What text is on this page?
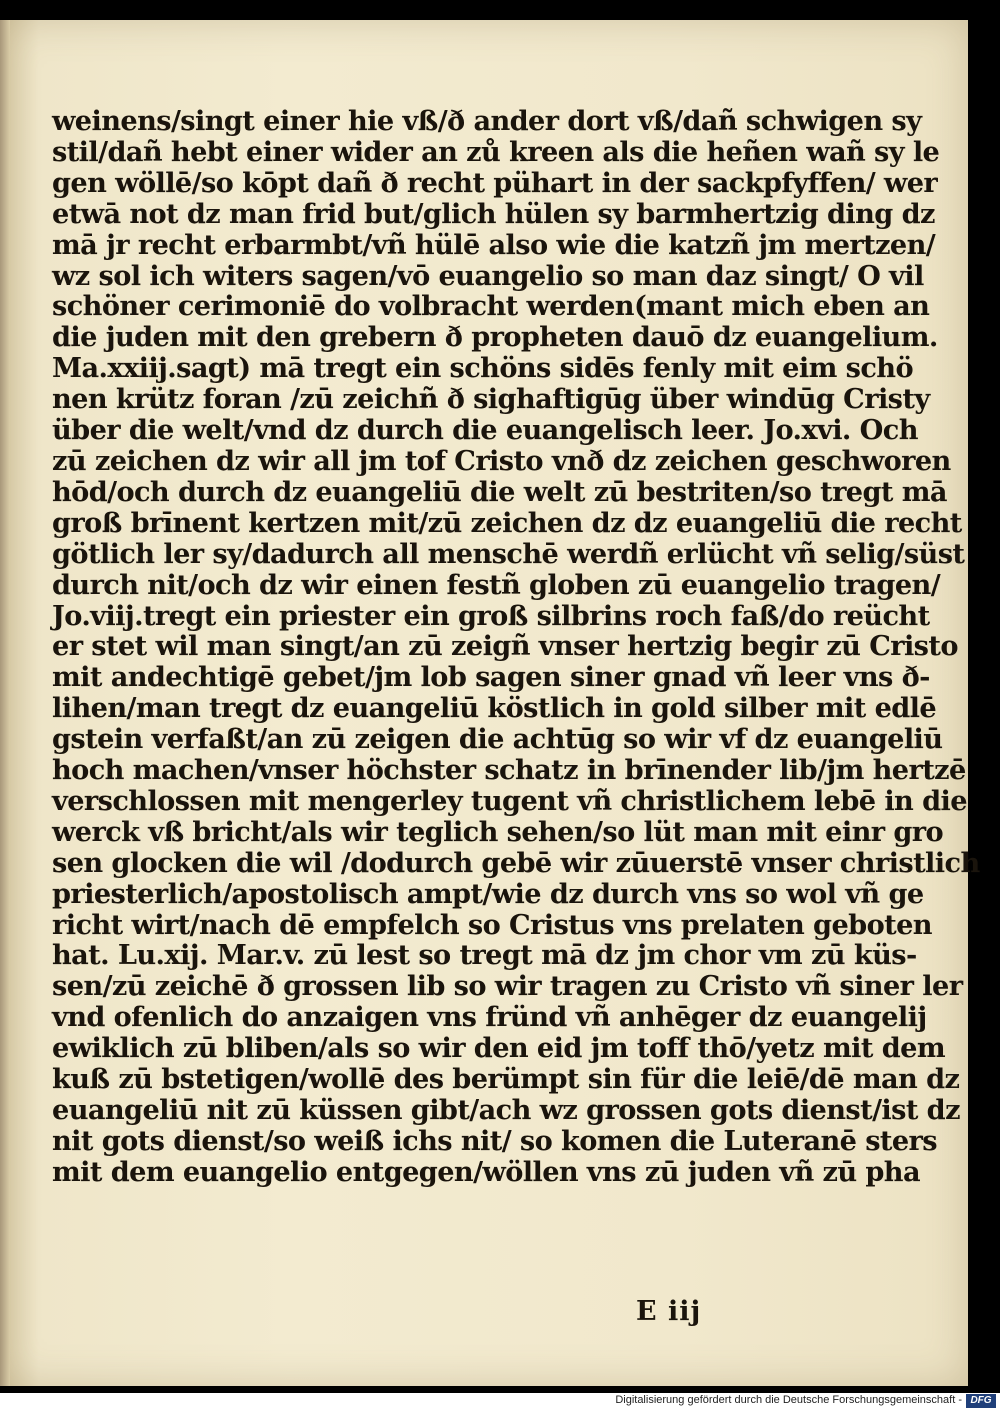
weinens/singt einer hie vß/ð ander dort vß/dañ schwigen sy
stil/dañ hebt einer wider an zů kreen als die heñen wañ sy le
gen wöllē/so kōpt dañ ð recht pühart in der sackpfyffen/ wer
etwā not dz man frid but/glich hülen sy barmhertzig ding dz
mā jr recht erbarmbt/vñ hülē also wie die katzñ jm mertzen/
wz sol ich witers sagen/vō euangelio so man daz singt/ O vil
schöner cerimoniē do volbracht werden(mant mich eben an
die juden mit den grebern ð propheten dauō dz euangelium.
Ma.xxiij.sagt) mā tregt ein schöns sidēs fenly mit eim schö
nen krütz foran /zū zeichñ ð sighaftigūg über windūg Cristy
über die welt/vnd dz durch die euangelisch leer. Jo.xvi. Och
zū zeichen dz wir all jm tof Cristo vnð dz zeichen geschworen
hōd/och durch dz euangeliū die welt zū bestriten/so tregt mā
groß brīnent kertzen mit/zū zeichen dz dz euangeliū die recht
götlich ler sy/dadurch all menschē werdñ erlücht vñ selig/süst
durch nit/och dz wir einen festñ globen zū euangelio tragen/
Jo.viij.tregt ein priester ein groß silbrins roch faß/do reücht
er stet wil man singt/an zū zeigñ vnser hertzig begir zū Cristo
mit andechtigē gebet/jm lob sagen siner gnad vñ leer vns ð-
lihen/man tregt dz euangeliū köstlich in gold silber mit edlē
gstein verfaßt/an zū zeigen die achtūg so wir vf dz euangeliū
hoch machen/vnser höchster schatz in brīnender lib/jm hertzē
verschlossen mit mengerley tugent vñ christlichem lebē in die
werck vß bricht/als wir teglich sehen/so lüt man mit einr gro
sen glocken die wil /dodurch gebē wir zūuerstē vnser christlich
priesterlich/apostolisch ampt/wie dz durch vns so wol vñ ge
richt wirt/nach dē empfelch so Cristus vns prelaten geboten
hat. Lu.xij. Mar.v. zū lest so tregt mā dz jm chor vm zū küs-
sen/zū zeichē ð grossen lib so wir tragen zu Cristo vñ siner ler
vnd ofenlich do anzaigen vns fründ vñ anhēger dz euangelij
ewiklich zū bliben/als so wir den eid jm toff thō/yetz mit dem
kuß zū bstetigen/wollē des berümpt sin für die leiē/dē man dz
euangeliū nit zū küssen gibt/ach wz grossen gots dienst/ist dz
nit gots dienst/so weiß ichs nit/ so komen die Luteranē sters
mit dem euangelio entgegen/wöllen vns zū juden vñ zū pha
E iij
Digitalisierung gefördert durch die Deutsche Forschungsgemeinschaft - DFG
